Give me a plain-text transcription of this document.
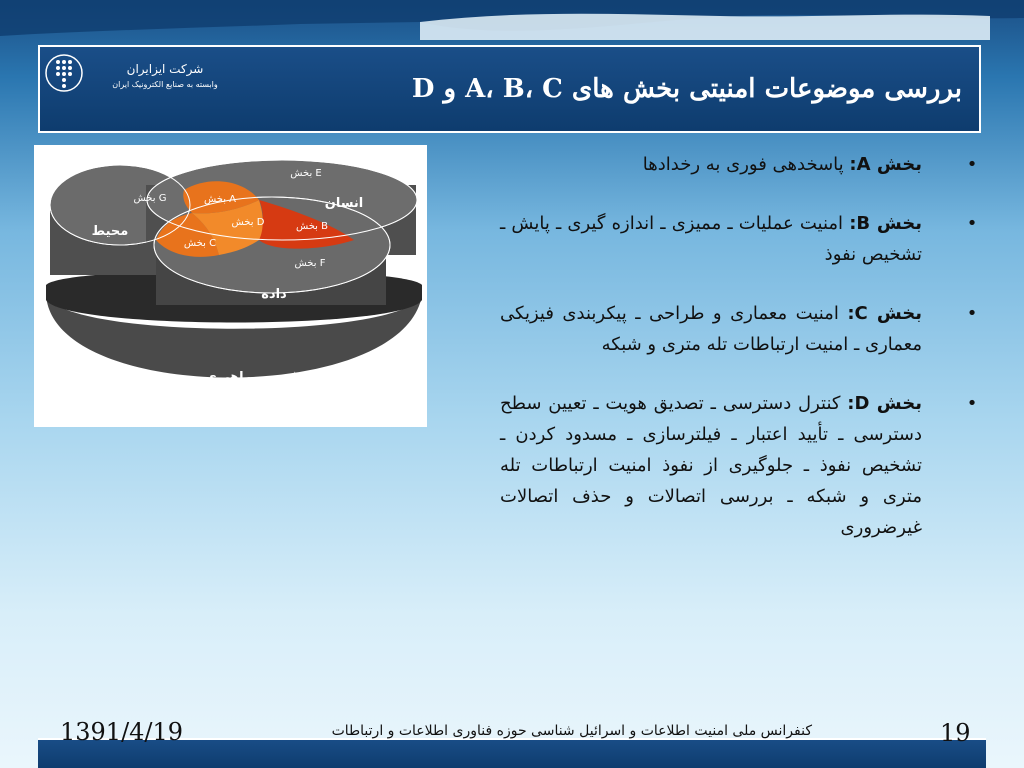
شرکت ایزایران
وابسته به صنایع الکترونیک ایران	بررسی موضوعات امنیتی بخش های A، B، C و D
بخش E
بخش G	بخش A
بخش D	بخش B
بخش C
بخش F
بخش H
انسان
محیط
داده
راهبری
•
بخش A: پاسخدهی فوری به رخدادها
•
بخش B: امنیت عملیات ـ ممیزی ـ اندازه گیری ـ پایش ـ تشخیص نفوذ
•
بخش C: امنیت معماری و طراحی ـ پیکربندی فیزیکی معماری ـ امنیت ارتباطات تله متری و شبکه
•
بخش D: کنترل دسترسی ـ تصدیق هویت ـ تعیین سطح دسترسی ـ تأیید اعتبار ـ فیلترسازی ـ مسدود کردن ـ تشخیص نفوذ ـ جلوگیری از نفوذ امنیت ارتباطات تله متری و شبکه ـ بررسی اتصالات و حذف اتصالات غیرضروری
1391/4/19	کنفرانس ملی امنیت اطلاعات و اسرائیل شناسی حوزه فناوری اطلاعات و ارتباطات	19
